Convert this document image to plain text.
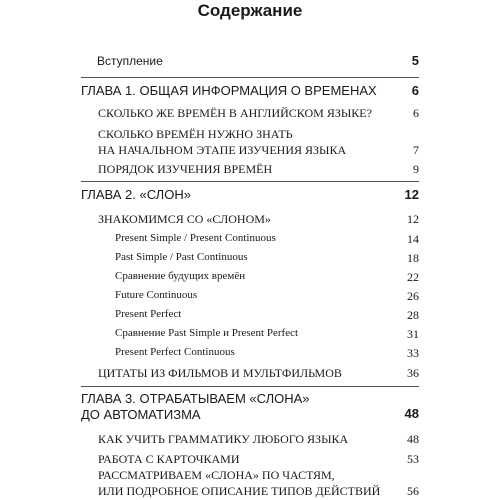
Содержание
Вступление	5
ГЛАВА 1. ОБЩАЯ ИНФОРМАЦИЯ О ВРЕМЕНАХ	6
СКОЛЬКО ЖЕ ВРЕМЁН В АНГЛИЙСКОМ ЯЗЫКЕ?	6
СКОЛЬКО ВРЕМЁН НУЖНО ЗНАТЬ
НА НАЧАЛЬНОМ ЭТАПЕ ИЗУЧЕНИЯ ЯЗЫКА	7
ПОРЯДОК ИЗУЧЕНИЯ ВРЕМЁН	9
ГЛАВА 2. «СЛОН»	12
ЗНАКОМИМСЯ СО «СЛОНОМ»	12
Present Simple / Present Continuous	14
Past Simple / Past Continuous	18
Сравнение будущих времён	22
Future Continuous	26
Present Perfect	28
Сравнение Past Simple и Present Perfect	31
Present Perfect Continuous	33
ЦИТАТЫ ИЗ ФИЛЬМОВ И МУЛЬТФИЛЬМОВ	36
ГЛАВА 3. ОТРАБАТЫВАЕМ «СЛОНА»
ДО АВТОМАТИЗМА	48
КАК УЧИТЬ ГРАММАТИКУ ЛЮБОГО ЯЗЫКА	48
РАБОТА С КАРТОЧКАМИ	53
РАССМАТРИВАЕМ «СЛОНА» ПО ЧАСТЯМ,
ИЛИ ПОДРОБНОЕ ОПИСАНИЕ ТИПОВ ДЕЙСТВИЙ 56
